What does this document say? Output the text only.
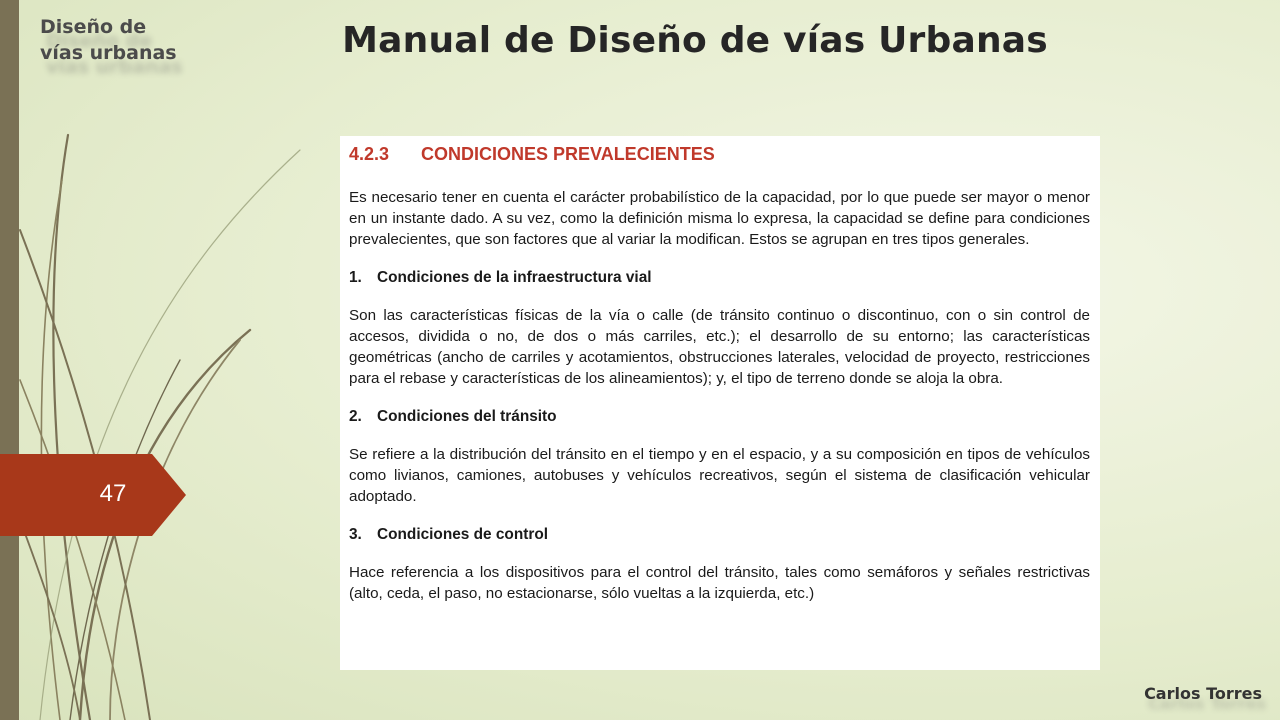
Diseño de
vías urbanas	Manual de Diseño de vías Urbanas
47
4.2.3	CONDICIONES PREVALECIENTES

Es necesario tener en cuenta el carácter probabilístico de la capacidad, por lo que puede ser mayor o menor en un instante dado. A su vez, como la definición misma lo expresa, la capacidad se define para condiciones prevalecientes, que son factores que al variar la modifican. Estos se agrupan en tres tipos generales.

1. Condiciones de la infraestructura vial

Son las características físicas de la vía o calle (de tránsito continuo o discontinuo, con o sin control de accesos, dividida o no, de dos o más carriles, etc.); el desarrollo de su entorno; las características geométricas (ancho de carriles y acotamientos, obstrucciones laterales, velocidad de proyecto, restricciones para el rebase y características de los alineamientos); y, el tipo de terreno donde se aloja la obra.

2. Condiciones del tránsito

Se refiere a la distribución del tránsito en el tiempo y en el espacio, y a su composición en tipos de vehículos como livianos, camiones, autobuses y vehículos recreativos, según el sistema de clasificación vehicular adoptado.

3. Condiciones de control

Hace referencia a los dispositivos para el control del tránsito, tales como semáforos y señales restrictivas (alto, ceda, el paso, no estacionarse, sólo vueltas a la izquierda, etc.)

Carlos Torres
